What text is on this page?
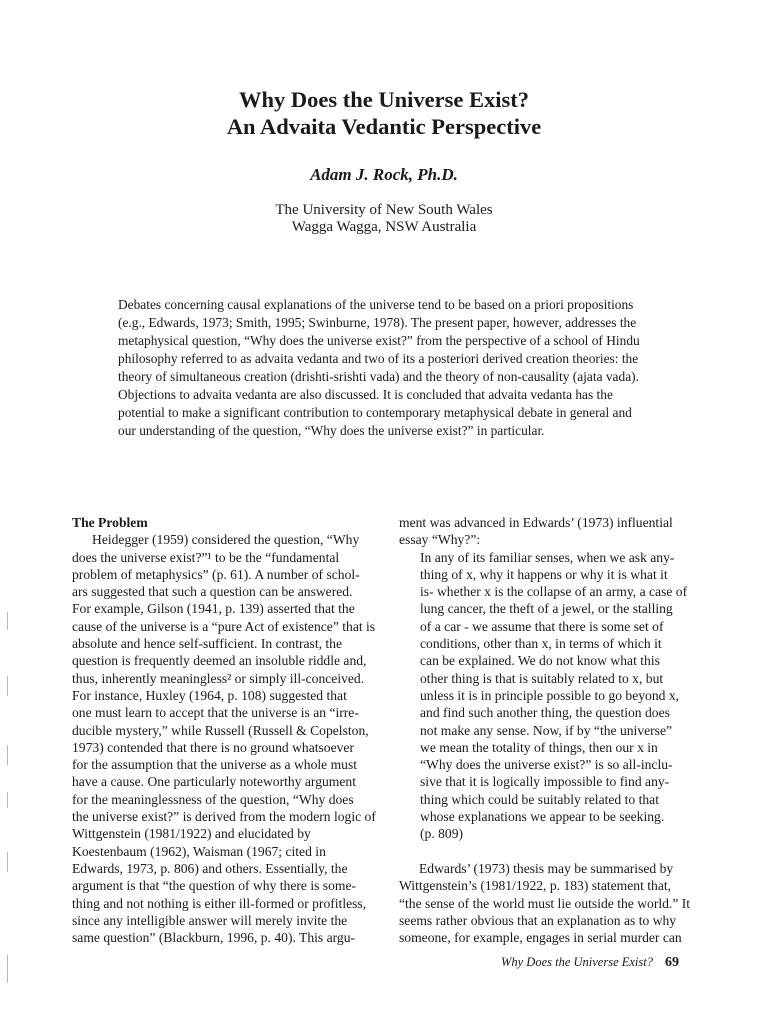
Why Does the Universe Exist?
An Advaita Vedantic Perspective
Adam J. Rock, Ph.D.
The University of New South Wales
Wagga Wagga, NSW Australia
Debates concerning causal explanations of the universe tend to be based on a priori propositions
(e.g., Edwards, 1973; Smith, 1995; Swinburne, 1978). The present paper, however, addresses the
metaphysical question, “Why does the universe exist?” from the perspective of a school of Hindu
philosophy referred to as advaita vedanta and two of its a posteriori derived creation theories: the
theory of simultaneous creation (drishti-srishti vada) and the theory of non-causality (ajata vada).
Objections to advaita vedanta are also discussed. It is concluded that advaita vedanta has the
potential to make a significant contribution to contemporary metaphysical debate in general and
our understanding of the question, “Why does the universe exist?” in particular.
The Problem
Heidegger (1959) considered the question, “Why
does the universe exist?”¹ to be the “fundamental
problem of metaphysics” (p. 61). A number of schol-
ars suggested that such a question can be answered.
For example, Gilson (1941, p. 139) asserted that the
cause of the universe is a “pure Act of existence” that is
absolute and hence self-sufficient. In contrast, the
question is frequently deemed an insoluble riddle and,
thus, inherently meaningless² or simply ill-conceived.
For instance, Huxley (1964, p. 108) suggested that
one must learn to accept that the universe is an “irre-
ducible mystery,” while Russell (Russell & Copelston,
1973) contended that there is no ground whatsoever
for the assumption that the universe as a whole must
have a cause. One particularly noteworthy argument
for the meaninglessness of the question, “Why does
the universe exist?” is derived from the modern logic of
Wittgenstein (1981/1922) and elucidated by
Koestenbaum (1962), Waisman (1967; cited in
Edwards, 1973, p. 806) and others. Essentially, the
argument is that “the question of why there is some-
thing and not nothing is either ill-formed or profitless,
since any intelligible answer will merely invite the
same question” (Blackburn, 1996, p. 40). This argu-
ment was advanced in Edwards’ (1973) influential
essay “Why?”:
In any of its familiar senses, when we ask any-
thing of x, why it happens or why it is what it
is- whether x is the collapse of an army, a case of
lung cancer, the theft of a jewel, or the stalling
of a car - we assume that there is some set of
conditions, other than x, in terms of which it
can be explained. We do not know what this
other thing is that is suitably related to x, but
unless it is in principle possible to go beyond x,
and find such another thing, the question does
not make any sense. Now, if by “the universe”
we mean the totality of things, then our x in
“Why does the universe exist?” is so all-inclu-
sive that it is logically impossible to find any-
thing which could be suitably related to that
whose explanations we appear to be seeking.
(p. 809)
Edwards’ (1973) thesis may be summarised by
Wittgenstein’s (1981/1922, p. 183) statement that,
“the sense of the world must lie outside the world.” It
seems rather obvious that an explanation as to why
someone, for example, engages in serial murder can
Why Does the Universe Exist? 69
